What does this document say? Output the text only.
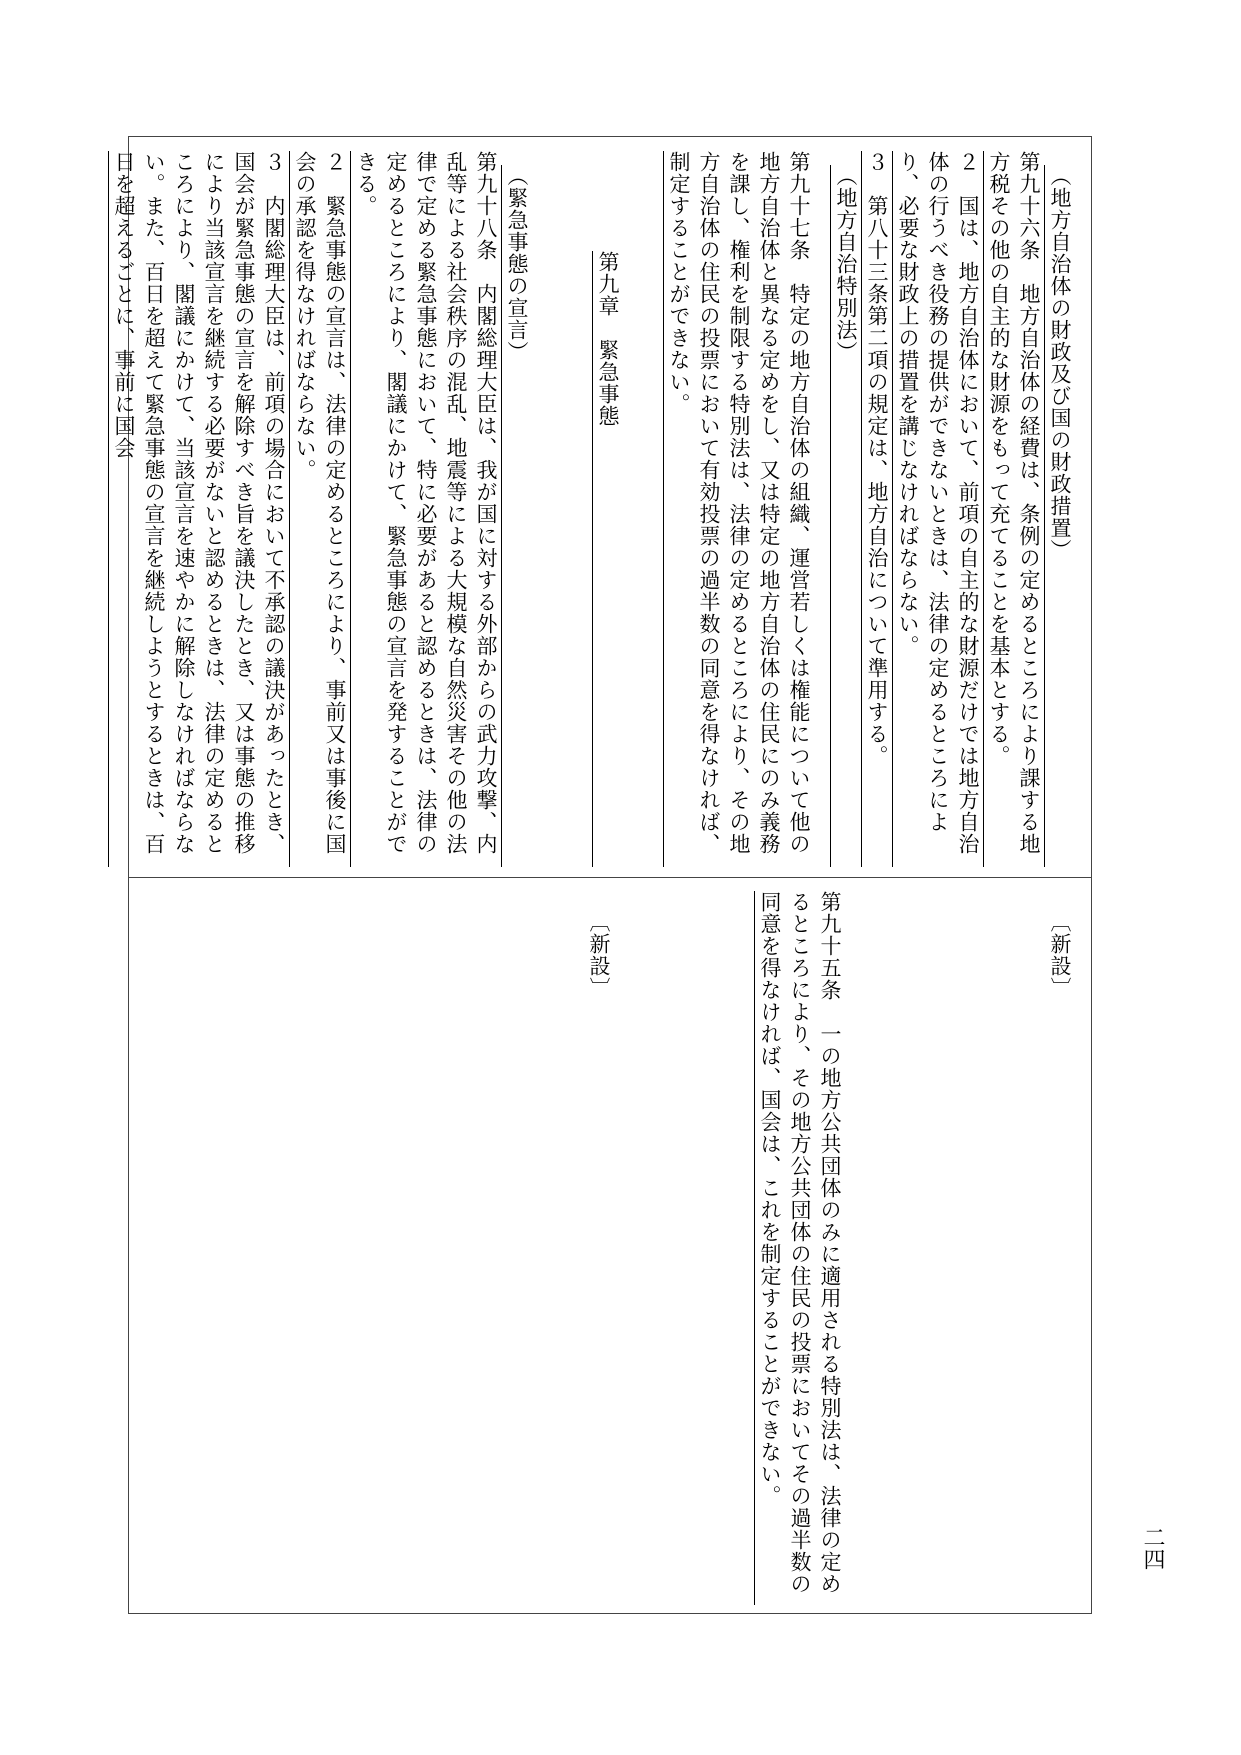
（地方自治体の財政及び国の財政措置）
第九十六条　地方自治体の経費は、条例の定めるところにより課する地方税その他の自主的な財源をもって充てることを基本とする。
２　国は、地方自治体において、前項の自主的な財源だけでは地方自治体の行うべき役務の提供ができないときは、法律の定めるところにより、必要な財政上の措置を講じなければならない。
３　第八十三条第二項の規定は、地方自治について準用する。
（地方自治特別法）
第九十七条　特定の地方自治体の組織、運営若しくは権能について他の地方自治体と異なる定めをし、又は特定の地方自治体の住民にのみ義務を課し、権利を制限する特別法は、法律の定めるところにより、その地方自治体の住民の投票において有効投票の過半数の同意を得なければ、制定することができない。
第九章　緊急事態
（緊急事態の宣言）
第九十八条　内閣総理大臣は、我が国に対する外部からの武力攻撃、内乱等による社会秩序の混乱、地震等による大規模な自然災害その他の法律で定める緊急事態において、特に必要があると認めるときは、法律の定めるところにより、閣議にかけて、緊急事態の宣言を発することができる。
２　緊急事態の宣言は、法律の定めるところにより、事前又は事後に国会の承認を得なければならない。
３　内閣総理大臣は、前項の場合において不承認の議決があったとき、国会が緊急事態の宣言を解除すべき旨を議決したとき、又は事態の推移により当該宣言を継続する必要がないと認めるときは、法律の定めるところにより、閣議にかけて、当該宣言を速やかに解除しなければならない。また、百日を超えて緊急事態の宣言を継続しようとするときは、百日を超えるごとに、事前に国会
〔新設〕
第九十五条　一の地方公共団体のみに適用される特別法は、法律の定めるところにより、その地方公共団体の住民の投票においてその過半数の同意を得なければ、国会は、これを制定することができない。
〔新設〕
二四
